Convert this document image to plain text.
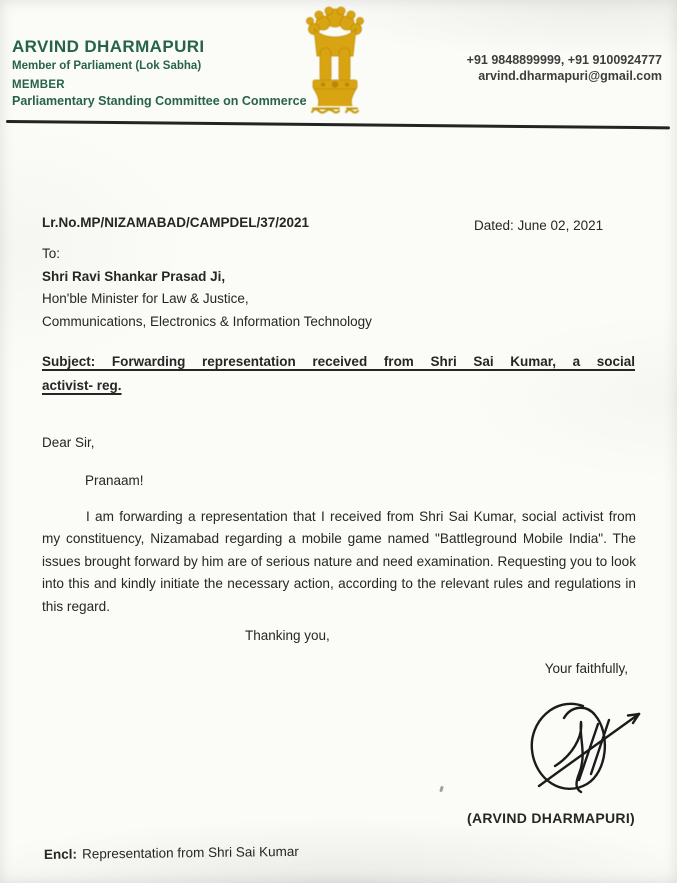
ARVIND DHARMAPURI
Member of Parliament (Lok Sabha)
MEMBER
Parliamentary Standing Committee on Commerce
+91 9848899999, +91 9100924777
arvind.dharmapuri@gmail.com
Lr.No.MP/NIZAMABAD/CAMPDEL/37/2021	Dated: June 02, 2021
To:
Shri Ravi Shankar Prasad Ji,
Hon'ble Minister for Law & Justice,
Communications, Electronics & Information Technology
Subject: Forwarding representation received from Shri Sai Kumar, a social
activist- reg.
Dear Sir,
Pranaam!
I am forwarding a representation that I received from Shri Sai Kumar, social activist from my constituency, Nizamabad regarding a mobile game named "Battleground Mobile India". The issues brought forward by him are of serious nature and need examination. Requesting you to look into this and kindly initiate the necessary action, according to the relevant rules and regulations in this regard.
Thanking you,
Your faithfully,
(ARVIND DHARMAPURI)
Encl: Representation from Shri Sai Kumar
